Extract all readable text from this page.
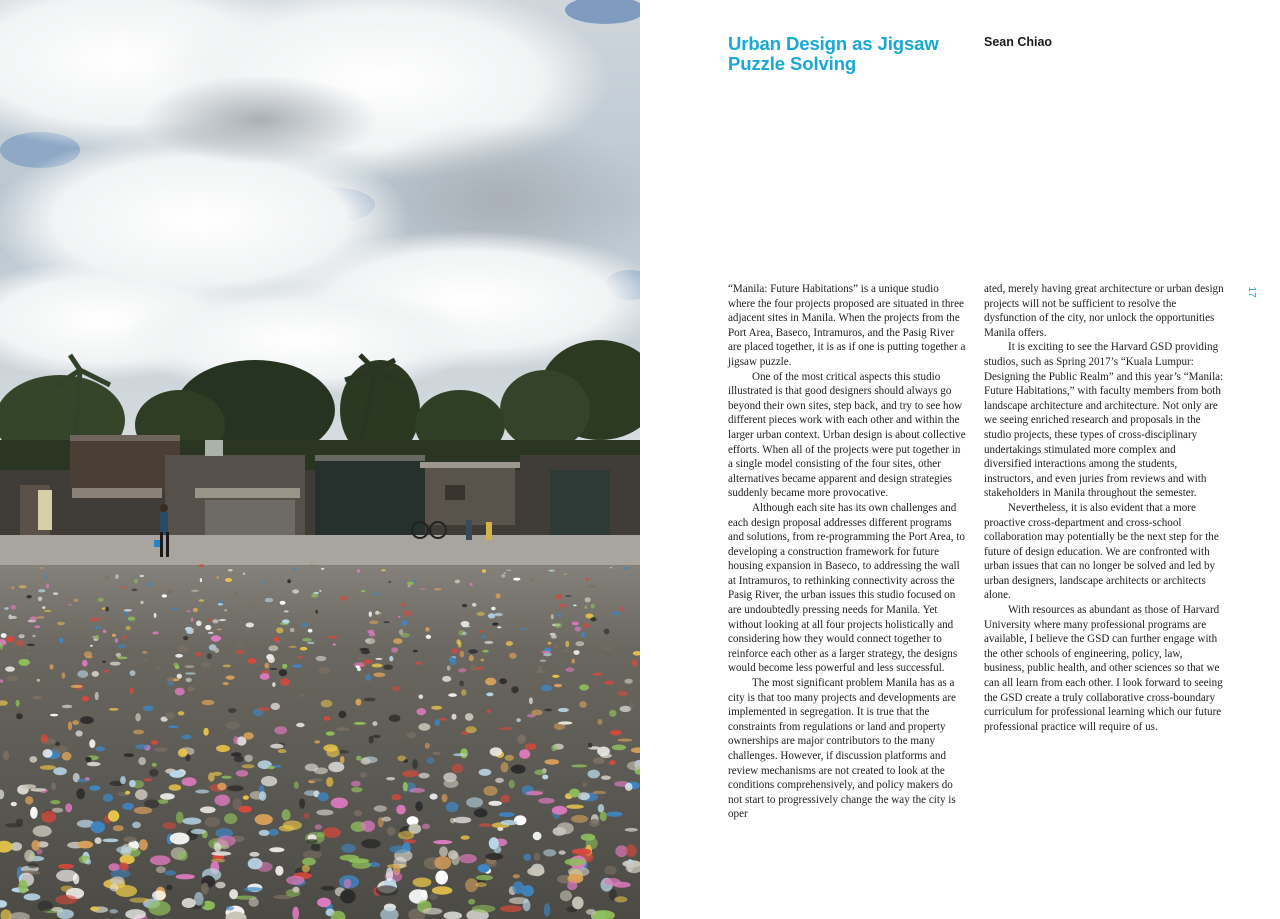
Urban Design as Jigsaw Puzzle Solving
Sean Chiao
17

“Manila: Future Habitations” is a unique studio where the four projects proposed are situated in three adjacent sites in Manila. When the projects from the Port Area, Baseco, Intramuros, and the Pasig River are placed together, it is as if one is putting together a jigsaw puzzle.

One of the most critical aspects this studio illustrated is that good designers should always go beyond their own sites, step back, and try to see how different pieces work with each other and within the larger urban context. Urban design is about collective efforts. When all of the projects were put together in a single model consisting of the four sites, other alternatives became apparent and design strategies suddenly became more provocative.

Although each site has its own challenges and each design proposal addresses different programs and solutions, from re-programming the Port Area, to developing a construction framework for future housing expansion in Baseco, to addressing the wall at Intramuros, to rethinking connectivity across the Pasig River, the urban issues this studio focused on are undoubtedly pressing needs for Manila. Yet without looking at all four projects holistically and considering how they would connect together to reinforce each other as a larger strategy, the designs would become less powerful and less successful.

The most significant problem Manila has as a city is that too many projects and developments are implemented in segregation. It is true that the constraints from regulations or land and property ownerships are major contributors to the many challenges. However, if discussion platforms and review mechanisms are not created to look at the conditions comprehensively, and policy makers do not start to progressively change the way the city is oper

ated, merely having great architecture or urban design projects will not be sufficient to resolve the dysfunction of the city, nor unlock the opportunities Manila offers.

It is exciting to see the Harvard GSD providing studios, such as Spring 2017’s “Kuala Lumpur: Designing the Public Realm” and this year’s “Manila: Future Habitations,” with faculty members from both landscape architecture and architecture. Not only are we seeing enriched research and proposals in the studio projects, these types of cross-disciplinary undertakings stimulated more complex and diversified interactions among the students, instructors, and even juries from reviews and with stakeholders in Manila throughout the semester.

Nevertheless, it is also evident that a more proactive cross-department and cross-school collaboration may potentially be the next step for the future of design education. We are confronted with urban issues that can no longer be solved and led by urban designers, landscape architects or architects alone.

With resources as abundant as those of Harvard University where many professional programs are available, I believe the GSD can further engage with the other schools of engineering, policy, law, business, public health, and other sciences so that we can all learn from each other. I look forward to seeing the GSD create a truly collaborative cross-boundary curriculum for professional learning which our future professional practice will require of us.
